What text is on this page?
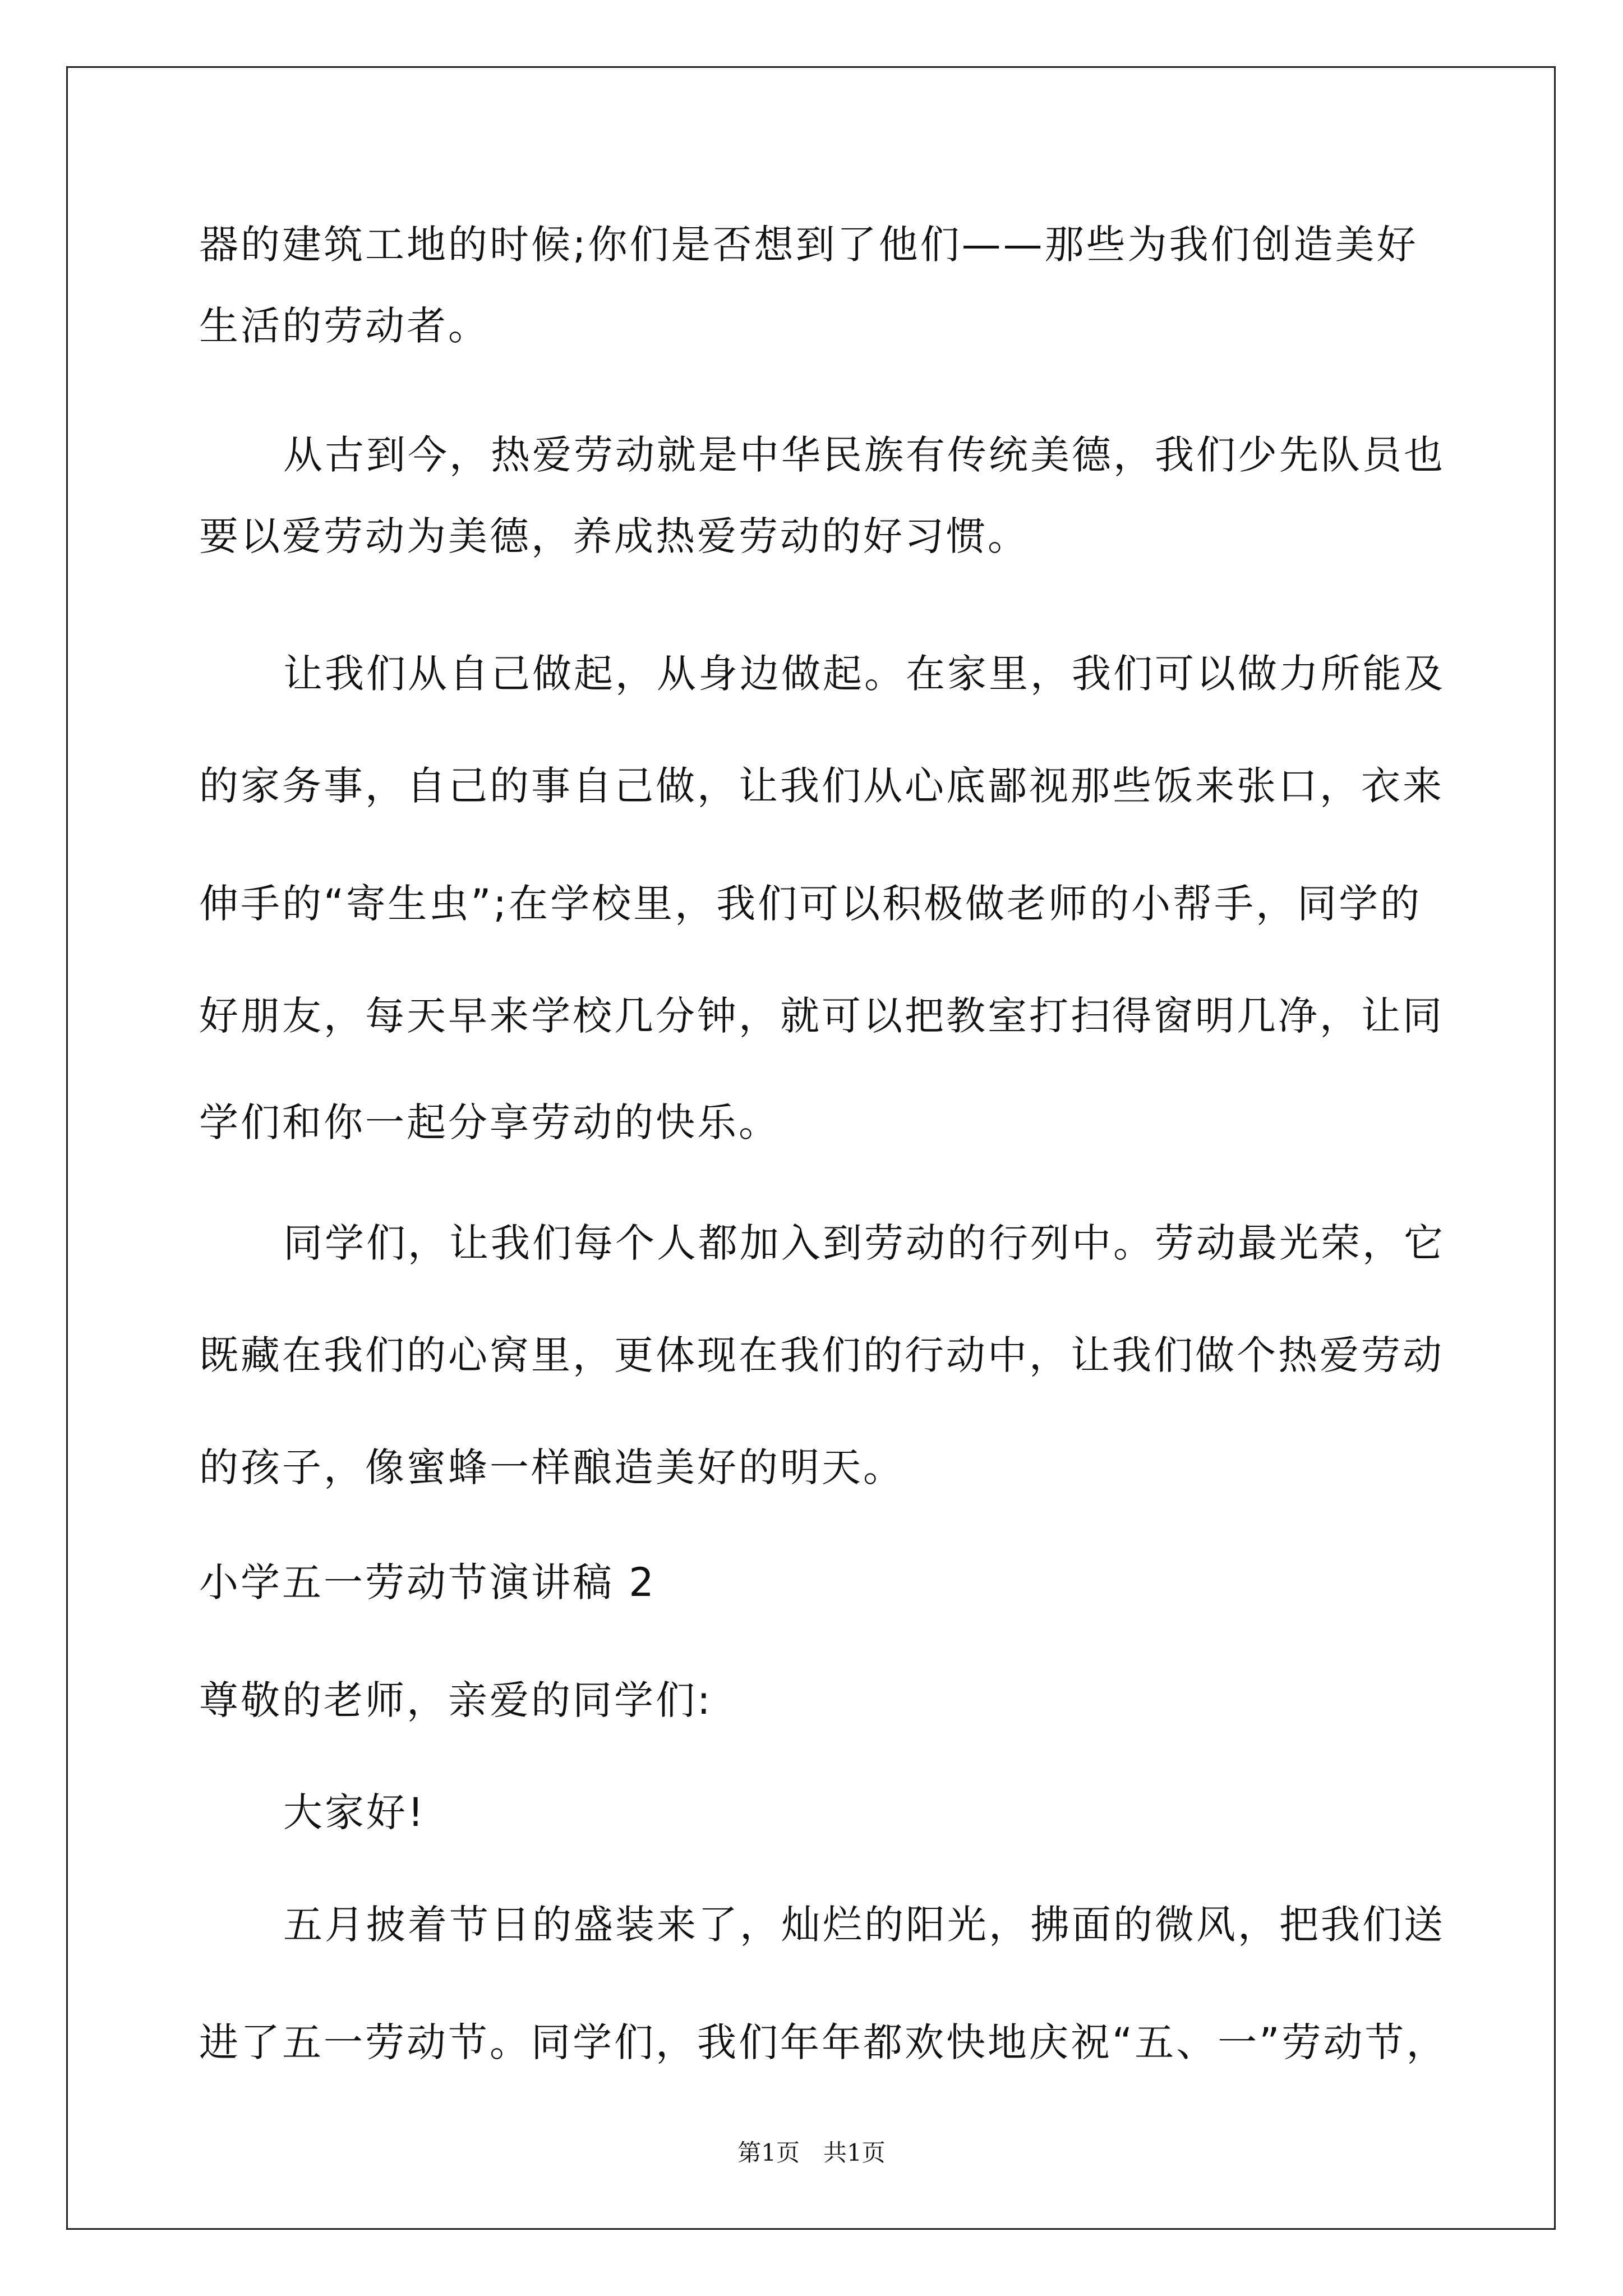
器的建筑工地的时候;你们是否想到了他们——那些为我们创造美好
生活的劳动者。
从古到今，热爱劳动就是中华民族有传统美德，我们少先队员也
要以爱劳动为美德，养成热爱劳动的好习惯。
让我们从自己做起，从身边做起。在家里，我们可以做力所能及
的家务事，自己的事自己做，让我们从心底鄙视那些饭来张口，衣来
伸手的“寄生虫”;在学校里，我们可以积极做老师的小帮手，同学的
好朋友，每天早来学校几分钟，就可以把教室打扫得窗明几净，让同
学们和你一起分享劳动的快乐。
同学们，让我们每个人都加入到劳动的行列中。劳动最光荣，它
既藏在我们的心窝里，更体现在我们的行动中，让我们做个热爱劳动
的孩子，像蜜蜂一样酿造美好的明天。
小学五一劳动节演讲稿 2
尊敬的老师，亲爱的同学们:
大家好!
五月披着节日的盛装来了，灿烂的阳光，拂面的微风，把我们送
进了五一劳动节。同学们，我们年年都欢快地庆祝“五、一”劳动节，
第1页　共1页
